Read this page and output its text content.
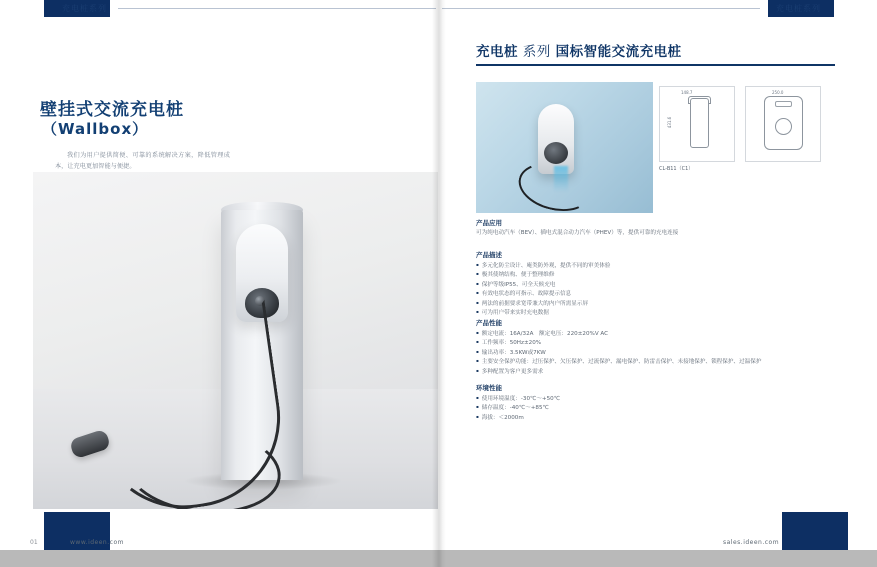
充电桩系列
壁挂式交流充电桩
（Wallbox）
我们为用户提供简便、可靠的系统解决方案，降低管理成本，让充电更加智能与便捷。
01	www.ideen.com
充电桩系列
充电桩 系列 国标智能交流充电桩
148.7
431.6
250.0
CL-B11（C1）
产品应用
可为纯电动汽车（BEV）、插电式混合动力汽车（PHEV）等，提供可靠的充电连接
产品描述
▪ 多元化防尘设计、庵类防外观，提供不同的审美体验
▪ 极其使纳结构、便于整理维修
▪ 保护等级IP55、可全天候充电
▪ 有效电状态的可指示、故障提示信息
▪ 两法的前据要求宽带兼大的内户所需显示屏
▪ 可为用户带来实时充电数据
产品性能
▪ 额定电流：16A/32A　额定电压：220±20%V AC
▪ 工作频率：50Hz±20%
▪ 输出功率：3.5KW或7KW
▪ 主要安全保护功能：过压保护、欠压保护、过流保护、漏电保护、防雷击保护、未接地保护、锁程保护、过温保护
▪ 多种配置为客户更多需求
环境性能
▪ 使用环境温度：-30℃～+50℃
▪ 储存温度：-40℃～+85℃
▪ 海拔：＜2000m
sales.ideen.com
